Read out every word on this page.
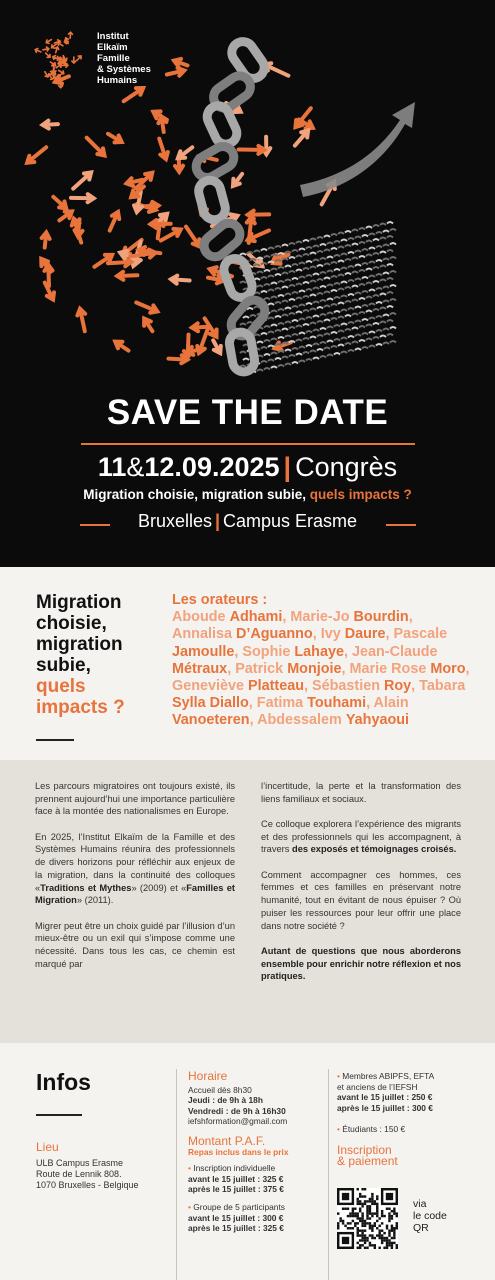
Institut
Elkaïm
Famille
& Systèmes
Humains
SAVE THE DATE
11&12.09.2025 | Congrès
Migration choisie, migration subie, quels impacts ?
Bruxelles | Campus Erasme
Migration
choisie,
migration
subie,
quels
impacts ?
Les orateurs :
Aboude Adhami, Marie-Jo Bourdin, Annalisa D’Aguanno, Ivy Daure, Pascale Jamoulle, Sophie Lahaye, Jean-Claude Métraux, Patrick Monjoie, Marie Rose Moro, Geneviève Platteau, Sébastien Roy, Tabara Sylla Diallo, Fatima Touhami, Alain Vanoeteren, Abdessalem Yahyaoui

Les parcours migratoires ont toujours existé, ils prennent aujourd’hui une importance particulière face à la montée des nationalismes en Europe.

En 2025, l’Institut Elkaïm de la Famille et des Systèmes Humains réunira des professionnels de divers horizons pour réfléchir aux enjeux de la migration, dans la continuité des colloques «Traditions et Mythes» (2009) et «Familles et Migration» (2011).

Migrer peut être un choix guidé par l’illusion d’un mieux-être ou un exil qui s’impose comme une nécessité. Dans tous les cas, ce chemin est marqué par

l’incertitude, la perte et la transformation des liens familiaux et sociaux.

Ce colloque explorera l’expérience des migrants et des professionnels qui les accompagnent, à travers des exposés et témoignages croisés.

Comment accompagner ces hommes, ces femmes et ces familles en préservant notre humanité, tout en évitant de nous épuiser ? Où puiser les ressources pour leur offrir une place dans notre société ?

Autant de questions que nous aborderons ensemble pour enrichir notre réflexion et nos pratiques.

Infos
Lieu
ULB Campus Erasme
Route de Lennik 808.
1070 Bruxelles - Belgique
Horaire
Accueil dès 8h30
Jeudi : de 9h à 18h
Vendredi : de 9h à 16h30
iefshformation@gmail.com
Montant P.A.F.
Repas inclus dans le prix
• Inscription individuelle
avant le 15 juillet : 325 €
après le 15 juillet : 375 €
• Groupe de 5 participants
avant le 15 juillet : 300 €
après le 15 juillet : 325 €
• Membres ABIPFS, EFTA
et anciens de l’IEFSH
avant le 15 juillet : 250 €
après le 15 juillet : 300 €
• Étudiants : 150 €
Inscription
& paiement
via
le code
QR
